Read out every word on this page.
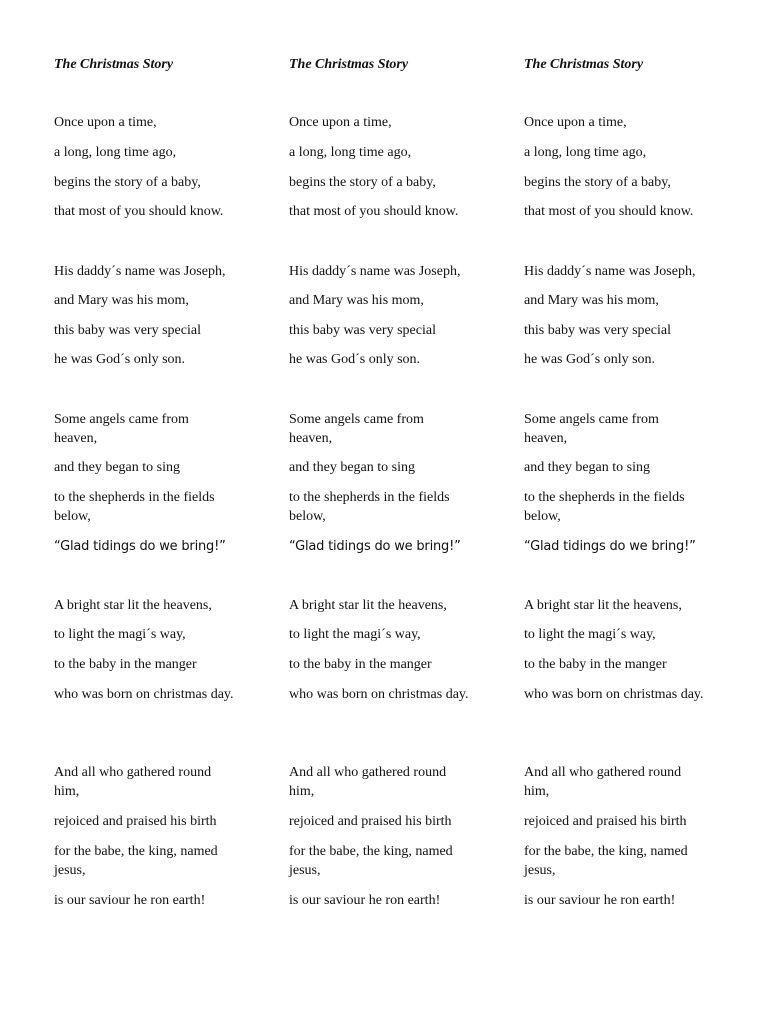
The Christmas Story
Once upon a time,
a long, long time ago,
begins the story of a baby,
that most of you should know.
His daddy´s name was Joseph,
and Mary was his mom,
this baby was very special
he was God´s only son.
Some angels came from heaven,
and they began to sing
to the shepherds in the fields below,
“Glad tidings do we bring!”
A bright star lit the heavens,
to light the magi´s way,
to the baby in the manger
who was born on christmas day.
And all who gathered round him,
rejoiced and praised his birth
for the babe, the king, named jesus,
is our saviour he ron earth!
The Christmas Story
Once upon a time,
a long, long time ago,
begins the story of a baby,
that most of you should know.
His daddy´s name was Joseph,
and Mary was his mom,
this baby was very special
he was God´s only son.
Some angels came from heaven,
and they began to sing
to the shepherds in the fields below,
“Glad tidings do we bring!”
A bright star lit the heavens,
to light the magi´s way,
to the baby in the manger
who was born on christmas day.
And all who gathered round him,
rejoiced and praised his birth
for the babe, the king, named jesus,
is our saviour he ron earth!
The Christmas Story
Once upon a time,
a long, long time ago,
begins the story of a baby,
that most of you should know.
His daddy´s name was Joseph,
and Mary was his mom,
this baby was very special
he was God´s only son.
Some angels came from heaven,
and they began to sing
to the shepherds in the fields below,
“Glad tidings do we bring!”
A bright star lit the heavens,
to light the magi´s way,
to the baby in the manger
who was born on christmas day.
And all who gathered round him,
rejoiced and praised his birth
for the babe, the king, named jesus,
is our saviour he ron earth!
